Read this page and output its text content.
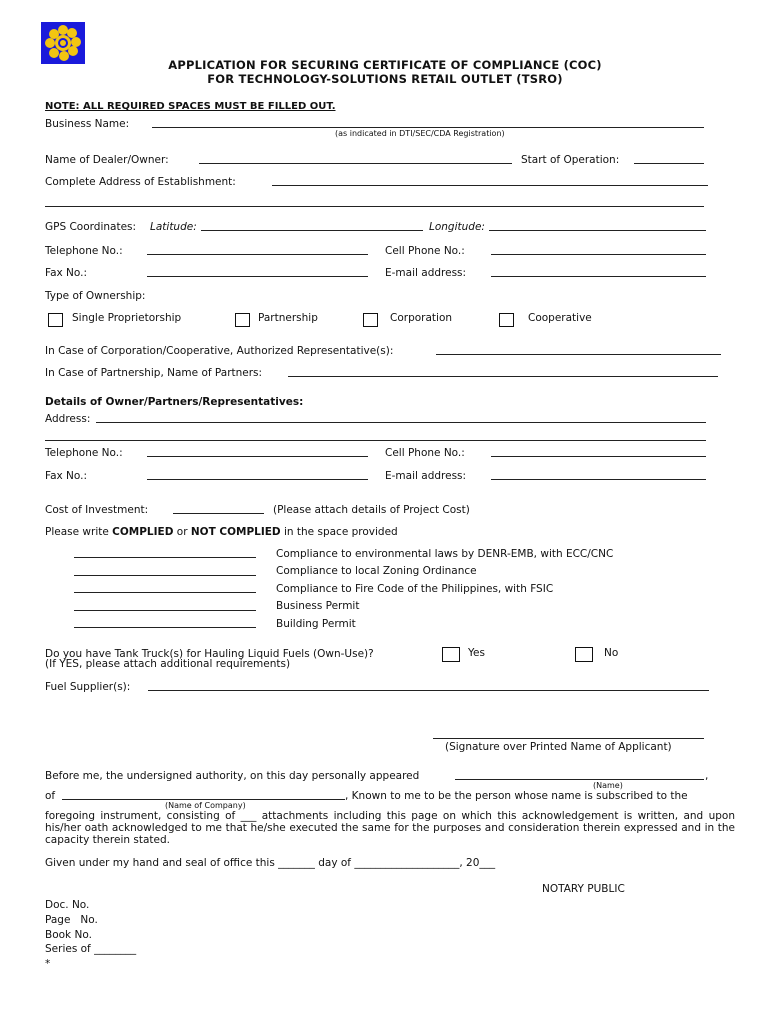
APPLICATION FOR SECURING CERTIFICATE OF COMPLIANCE (COC)
FOR TECHNOLOGY-SOLUTIONS RETAIL OUTLET (TSRO)
NOTE: ALL REQUIRED SPACES MUST BE FILLED OUT.
Business Name:
(as indicated in DTI/SEC/CDA Registration)
Name of Dealer/Owner:	Start of Operation:
Complete Address of Establishment:
GPS Coordinates: Latitude:	Longitude:
Telephone No.:	Cell Phone No.:
Fax No.:	E-mail address:
Type of Ownership:
Single Proprietorship	Partnership	Corporation	Cooperative
In Case of Corporation/Cooperative, Authorized Representative(s):
In Case of Partnership, Name of Partners:
Details of Owner/Partners/Representatives:
Address:
Telephone No.:	Cell Phone No.:
Fax No.:	E-mail address:
Cost of Investment:	(Please attach details of Project Cost)
Please write COMPLIED or NOT COMPLIED in the space provided
Compliance to environmental laws by DENR-EMB, with ECC/CNC
Compliance to local Zoning Ordinance
Compliance to Fire Code of the Philippines, with FSIC
Business Permit
Building Permit
Do you have Tank Truck(s) for Hauling Liquid Fuels (Own-Use)?
(If YES, please attach additional requirements)
Yes	No
Fuel Supplier(s):
(Signature over Printed Name of Applicant)
Before me, the undersigned authority, on this day personally appeared	,
(Name)
of	, Known to me to be the person whose name is subscribed to the
(Name of Company)
foregoing instrument, consisting of ___ attachments including this page on which this acknowledgement is written, and upon his/her oath acknowledged to me that he/she executed the same for the purposes and consideration therein expressed and in the capacity therein stated.
Given under my hand and seal of office this _______ day of ____________________, 20___
NOTARY PUBLIC
Doc. No.
Page   No.
Book No.
Series of ________
*
